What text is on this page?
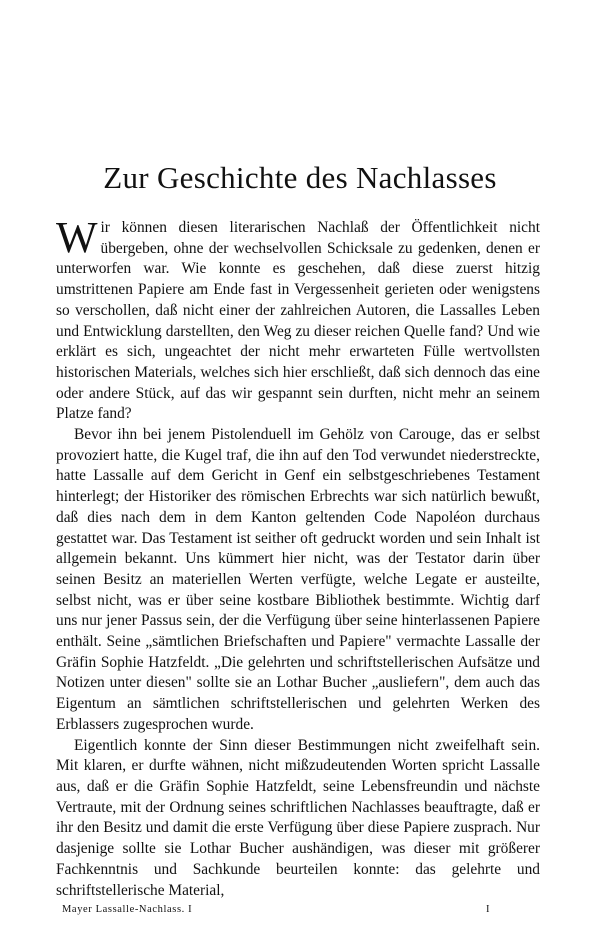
Zur Geschichte des Nachlasses

Wir können diesen literarischen Nachlaß der Öffentlichkeit nicht übergeben, ohne der wechselvollen Schicksale zu gedenken, denen er unterworfen war. Wie konnte es geschehen, daß diese zuerst hitzig umstrittenen Papiere am Ende fast in Vergessenheit gerieten oder wenigstens so verschollen, daß nicht einer der zahlreichen Autoren, die Lassalles Leben und Entwicklung darstellten, den Weg zu dieser reichen Quelle fand? Und wie erklärt es sich, ungeachtet der nicht mehr erwarteten Fülle wertvollsten historischen Materials, welches sich hier erschließt, daß sich dennoch das eine oder andere Stück, auf das wir gespannt sein durften, nicht mehr an seinem Platze fand?

Bevor ihn bei jenem Pistolenduell im Gehölz von Carouge, das er selbst provoziert hatte, die Kugel traf, die ihn auf den Tod verwundet niederstreckte, hatte Lassalle auf dem Gericht in Genf ein selbstgeschriebenes Testament hinterlegt; der Historiker des römischen Erbrechts war sich natürlich bewußt, daß dies nach dem in dem Kanton geltenden Code Napoléon durchaus gestattet war. Das Testament ist seither oft gedruckt worden und sein Inhalt ist allgemein bekannt. Uns kümmert hier nicht, was der Testator darin über seinen Besitz an materiellen Werten verfügte, welche Legate er austeilte, selbst nicht, was er über seine kostbare Bibliothek bestimmte. Wichtig darf uns nur jener Passus sein, der die Verfügung über seine hinterlassenen Papiere enthält. Seine „sämtlichen Briefschaften und Papiere" vermachte Lassalle der Gräfin Sophie Hatzfeldt. „Die gelehrten und schriftstellerischen Aufsätze und Notizen unter diesen" sollte sie an Lothar Bucher „ausliefern", dem auch das Eigentum an sämtlichen schriftstellerischen und gelehrten Werken des Erblassers zugesprochen wurde.

Eigentlich konnte der Sinn dieser Bestimmungen nicht zweifelhaft sein. Mit klaren, er durfte wähnen, nicht mißzudeutenden Worten spricht Lassalle aus, daß er die Gräfin Sophie Hatzfeldt, seine Lebensfreundin und nächste Vertraute, mit der Ordnung seines schriftlichen Nachlasses beauftragte, daß er ihr den Besitz und damit die erste Verfügung über diese Papiere zusprach. Nur dasjenige sollte sie Lothar Bucher aushändigen, was dieser mit größerer Fachkenntnis und Sachkunde beurteilen konnte: das gelehrte und schriftstellerische Material,

Mayer Lassalle-Nachlass. I	I
